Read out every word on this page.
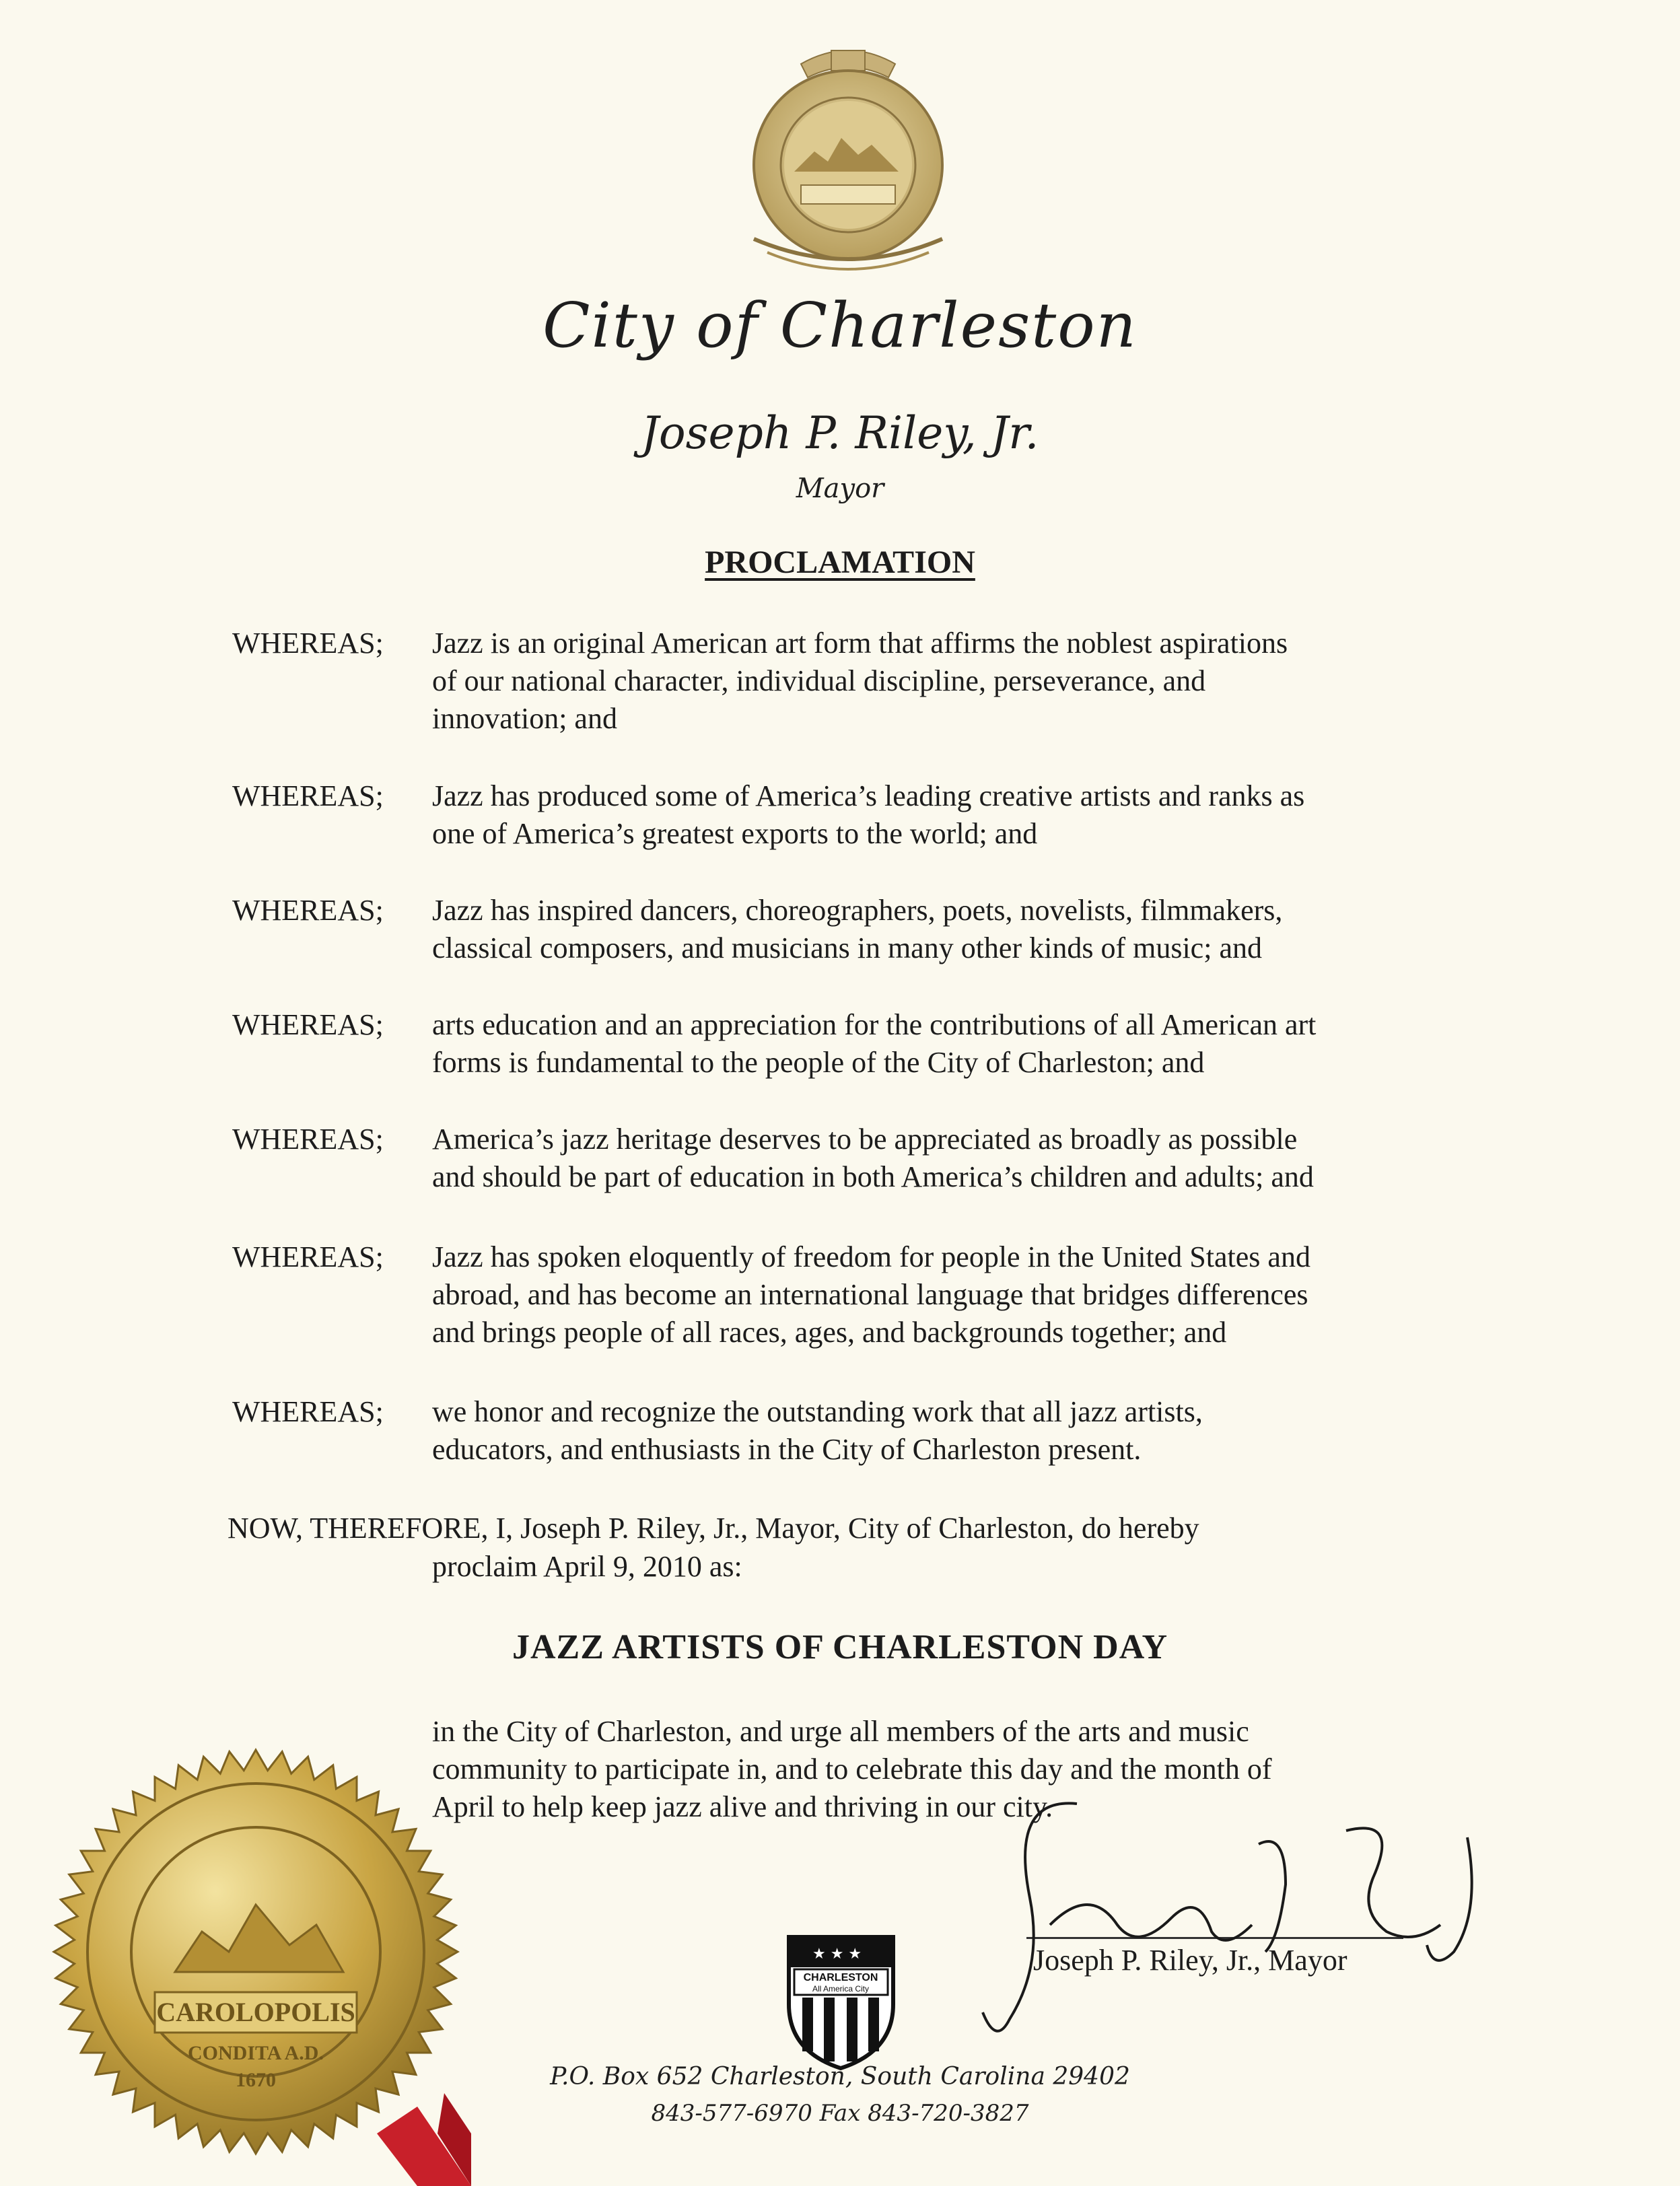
City of Charleston
Joseph P. Riley, Jr.
Mayor
PROCLAMATION
WHEREAS; Jazz is an original American art form that affirms the noblest aspirations
of our national character, individual discipline, perseverance, and
innovation; and
WHEREAS; Jazz has produced some of America’s leading creative artists and ranks as
one of America’s greatest exports to the world; and
WHEREAS; Jazz has inspired dancers, choreographers, poets, novelists, filmmakers,
classical composers, and musicians in many other kinds of music; and
WHEREAS; arts education and an appreciation for the contributions of all American art
forms is fundamental to the people of the City of Charleston; and
WHEREAS; America’s jazz heritage deserves to be appreciated as broadly as possible
and should be part of education in both America’s children and adults; and
WHEREAS; Jazz has spoken eloquently of freedom for people in the United States and
abroad, and has become an international language that bridges differences
and brings people of all races, ages, and backgrounds together; and
WHEREAS; we honor and recognize the outstanding work that all jazz artists,
educators, and enthusiasts in the City of Charleston present.
NOW, THEREFORE, I, Joseph P. Riley, Jr., Mayor, City of Charleston, do hereby
proclaim April 9, 2010 as:
JAZZ ARTISTS OF CHARLESTON DAY
in the City of Charleston, and urge all members of the arts and music
community to participate in, and to celebrate this day and the month of
April to help keep jazz alive and thriving in our city.
CAROLOPOLIS
CONDITA A.D.
1670
★ ★ ★
CHARLESTON
All America City
Joseph P. Riley, Jr., Mayor
P.O. Box 652 Charleston, South Carolina 29402
843-577-6970 Fax 843-720-3827
